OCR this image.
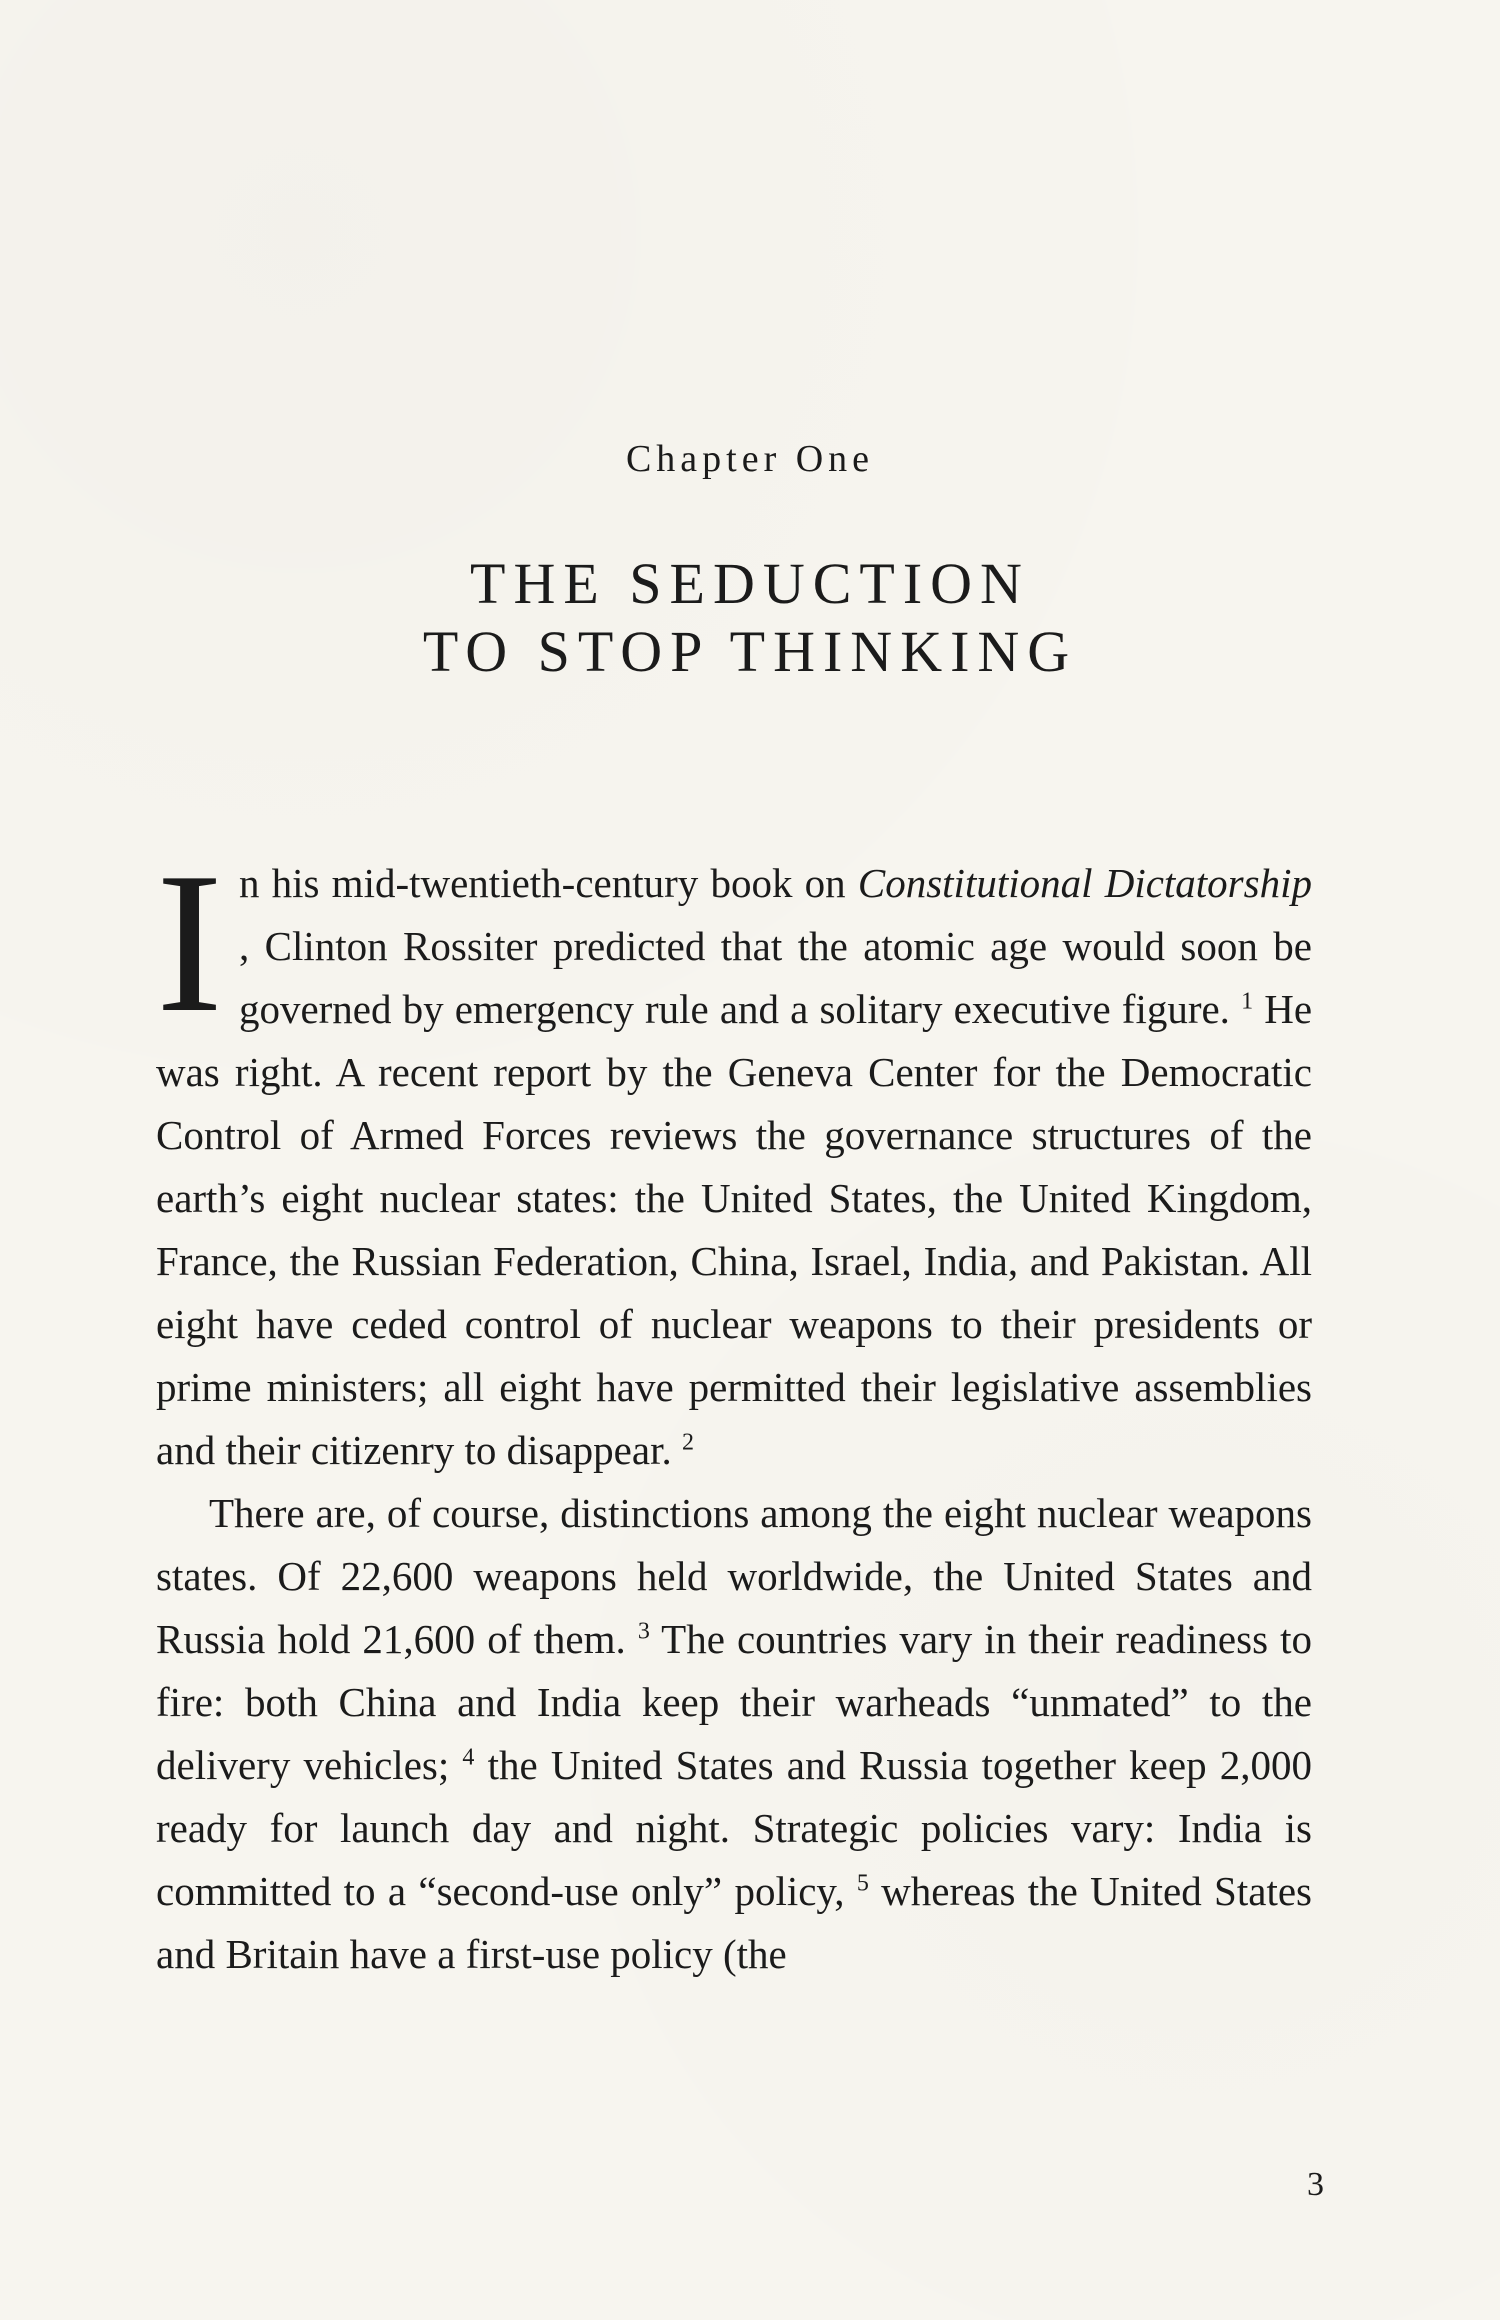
Chapter One
THE SEDUCTION
TO STOP THINKING

I n his mid-twentieth-century book on Constitutional Dictatorship , Clinton Rossiter predicted that the atomic age would soon be governed by emergency rule and a solitary executive figure. $^1$ He was right. A recent report by the Geneva Center for the Democratic Control of Armed Forces reviews the governance structures of the earth’s eight nuclear states: the United States, the United Kingdom, France, the Russian Federation, China, Israel, India, and Pakistan. All eight have ceded control of nuclear weapons to their presidents or prime ministers; all eight have permitted their legislative assemblies and their citizenry to disappear. $^2$

There are, of course, distinctions among the eight nuclear weapons states. Of 22,600 weapons held worldwide, the United States and Russia hold 21,600 of them. $^3$ The countries vary in their readiness to fire: both China and India keep their warheads “unmated” to the delivery vehicles; $^4$ the United States and Russia together keep 2,000 ready for launch day and night. Strategic policies vary: India is committed to a “second-use only” policy, $^5$ whereas the United States and Britain have a first-use policy (the

3
